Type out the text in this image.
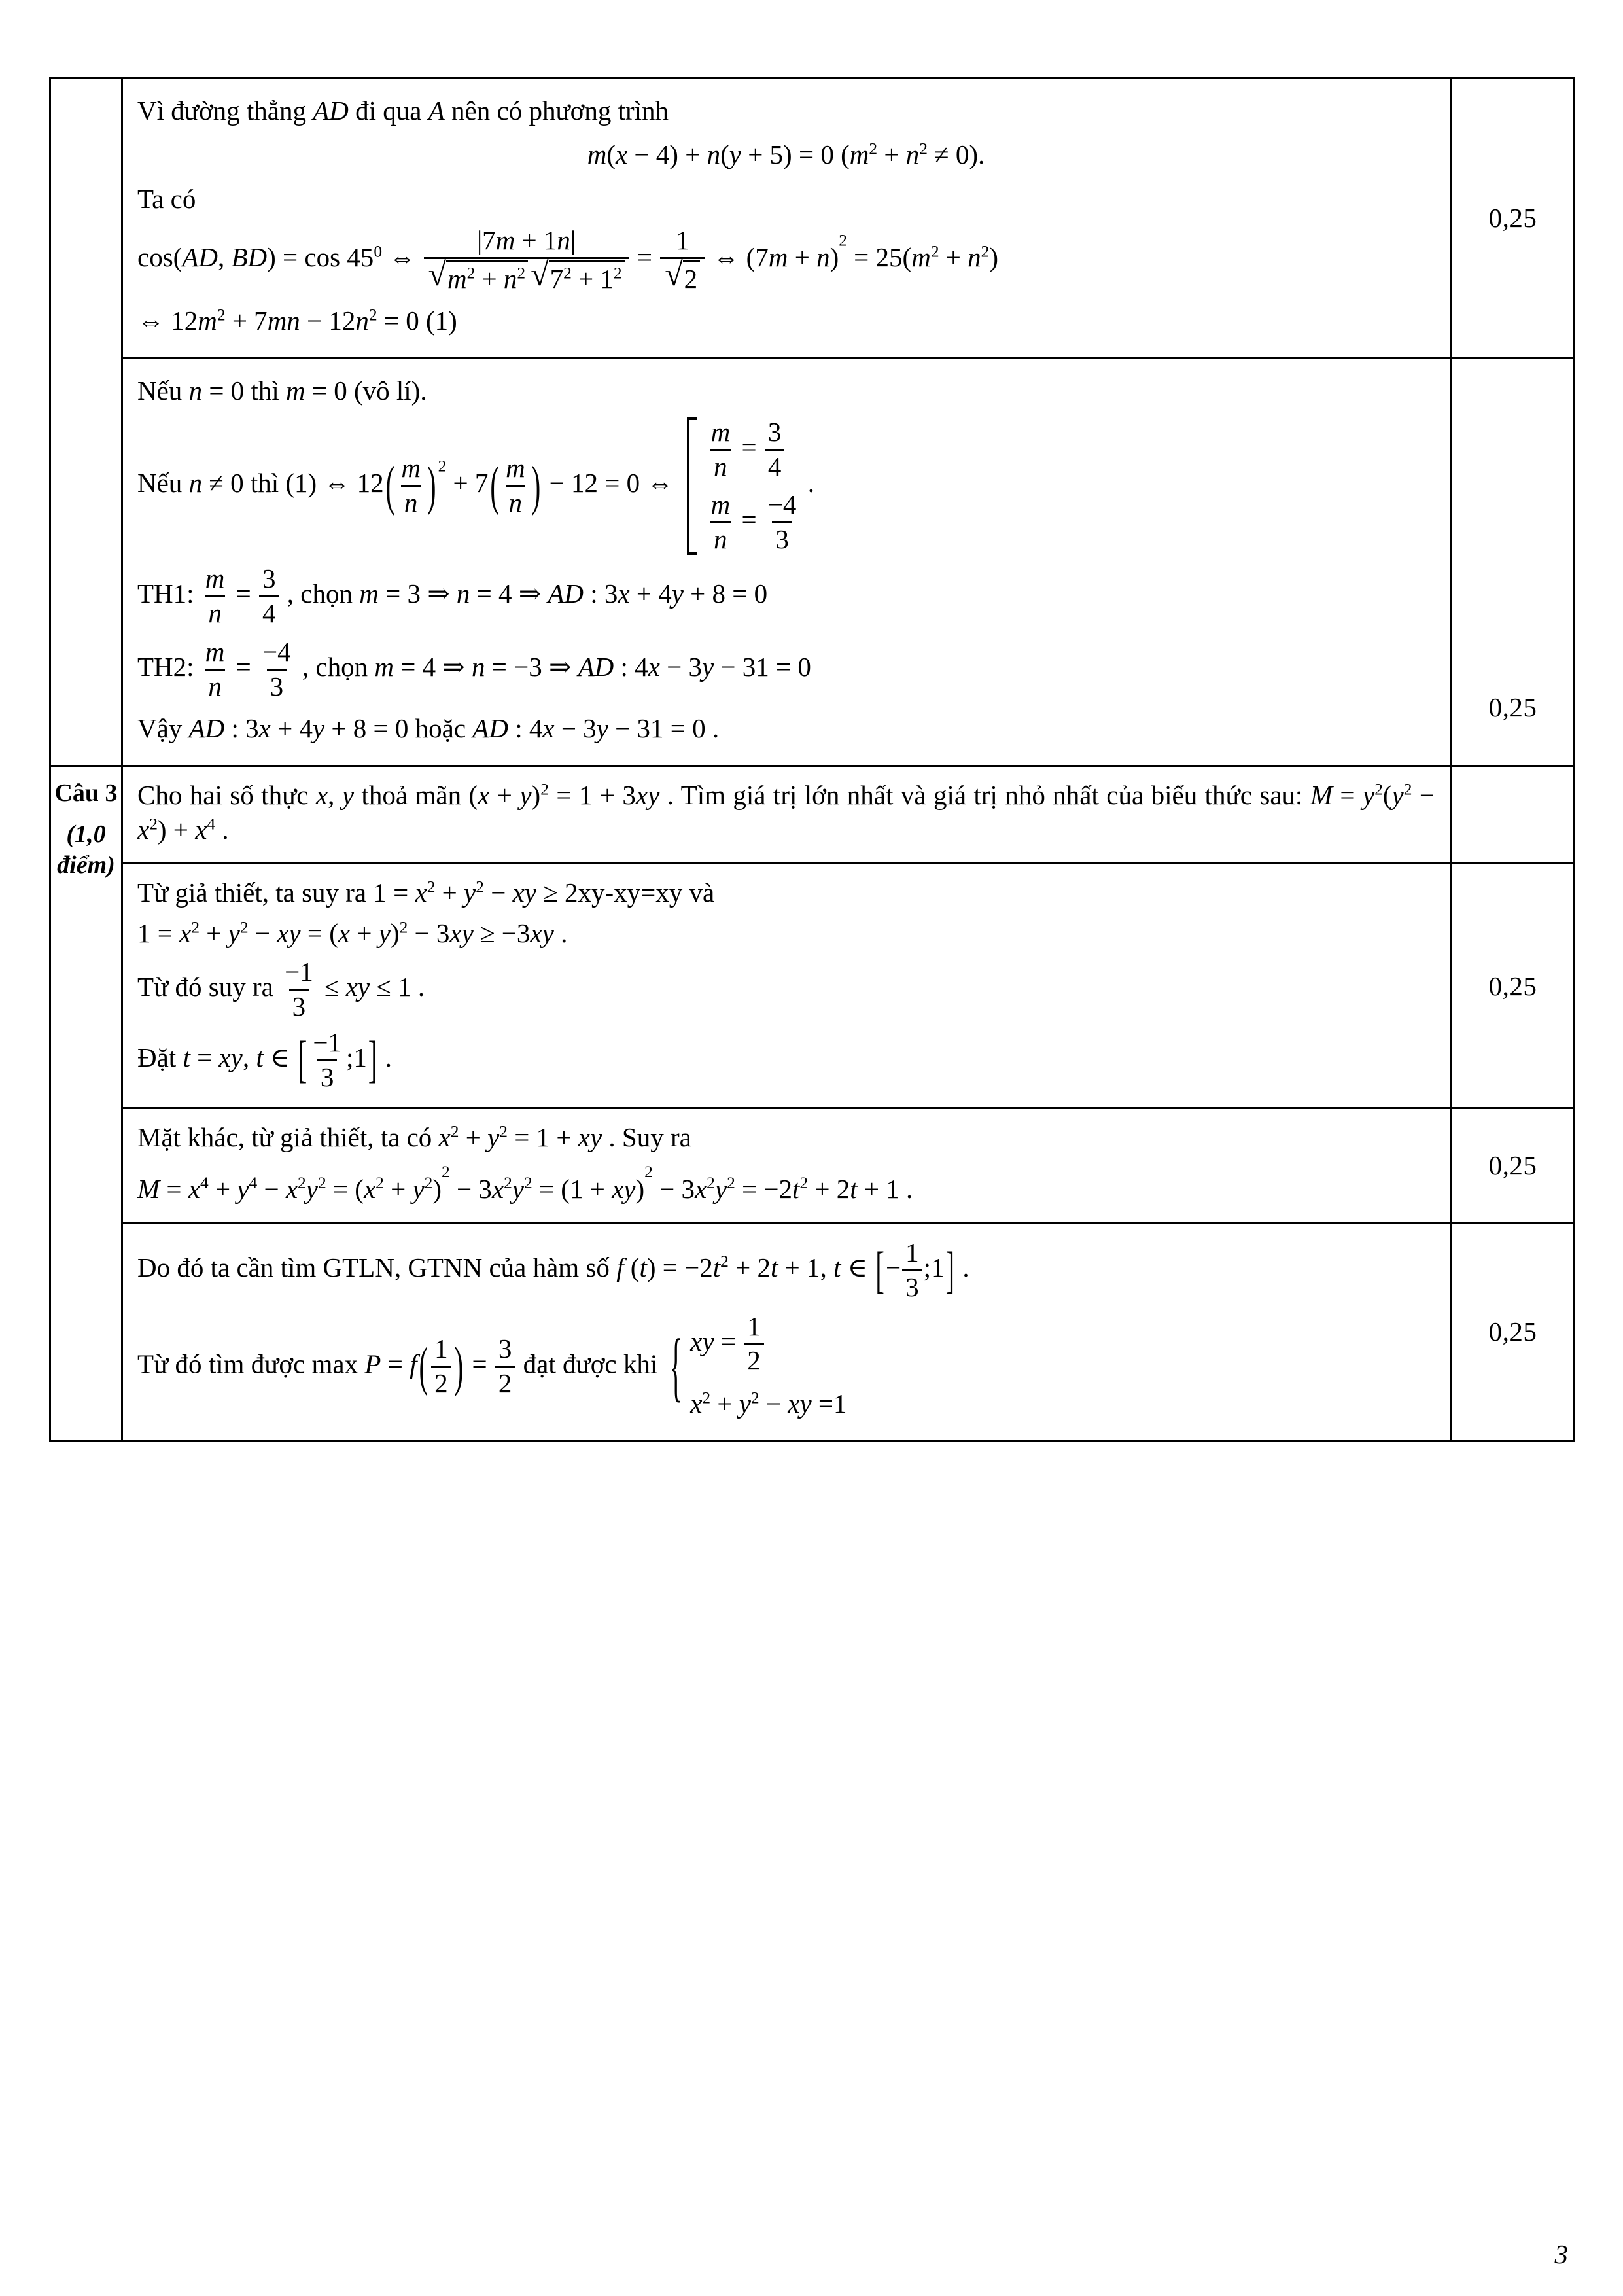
Vì đường thẳng AD đi qua A nên có phương trình
m(x − 4) + n(y + 5) = 0 $(m^2 + n^2 \ne 0)$.
Ta có
cos(AD, $BD) = \cos 45^0$ ⇔ $\frac{|7m + 1n|}{√ m^2 + n^2 √ 7^2 + 1^2} = \frac{1}{√ 2}$ ⇔ $(7m + n)^2 = 25(m^2 + n^2)$
⇔ $12m^2 + 7mn - 12n^2 = 0$ (1)
	0,25

Nếu n = 0 thì m = 0 (vô lí).
Nếu n ≠ 0 thì (1) ⇔ $12( \frac{m}{n}$ ) $^2 + 7( \frac{m}{n}$ ) − 12 = 0 ⇔
$\frac{m}{n} = \frac{3}{4}$
$\frac{m}{n} = \frac{-4}{3}$
.
TH1: $\frac{m}{n} = \frac{3}{4}$ , chọn m = 3 ⇒ n = 4 ⇒ AD : 3x + 4y + 8 = 0
TH2: $\frac{m}{n} = \frac{-4}{3}$ , chọn m = 4 ⇒ n = −3 ⇒ AD : 4x − 3y − 31 = 0
Vậy AD : 3x + 4y + 8 = 0 hoặc AD : 4x − 3y − 31 = 0 .
	0,25

Câu 3
(1,0 điểm)	Cho hai số thực x, y thoả mãn $(x + y)^2 = 1 + 3xy$ . Tìm giá trị lớn nhất và giá trị nhỏ nhất của biểu thức sau: $M = y^2(y^2 - x^2) + x^4$ .	

Từ giả thiết, ta suy ra $1 = x^2 + y^2$ − xy ≥ 2xy-xy=xy và
$1 = x^2 + y^2$ − xy = $(x + y)^2 - 3xy \ge -3xy$ .
Từ đó suy ra $\frac{-1}{3}$ ≤ xy ≤ 1 .
Đặt t = xy, t ∈ [ $\frac{-1}{3}$ ;1] .
	0,25

	Mặt khác, từ giả thiết, ta có $x^2 + y^2 = 1$ + xy . Suy ra
$M = x^4 + y^4 - x^2y^2 = (x^2 + y^2)^2 - 3x^2y^2 = (1 + xy)^2 - 3x^2y^2 = -2t^2 + 2t + 1$ .	0,25

Do đó ta cần tìm GTLN, GTNN của hàm số f $(t) = -2t^2 + 2t + 1$, t ∈ [− $\frac{1}{3}$ ;1] .
Từ đó tìm được $\max P = f( \frac{1}{2}$ ) = $\frac{3}{2}$ đạt được khi { xy = $\frac{1}{2}$
$x^2 + y^2$ − xy =1
	0,25
3
